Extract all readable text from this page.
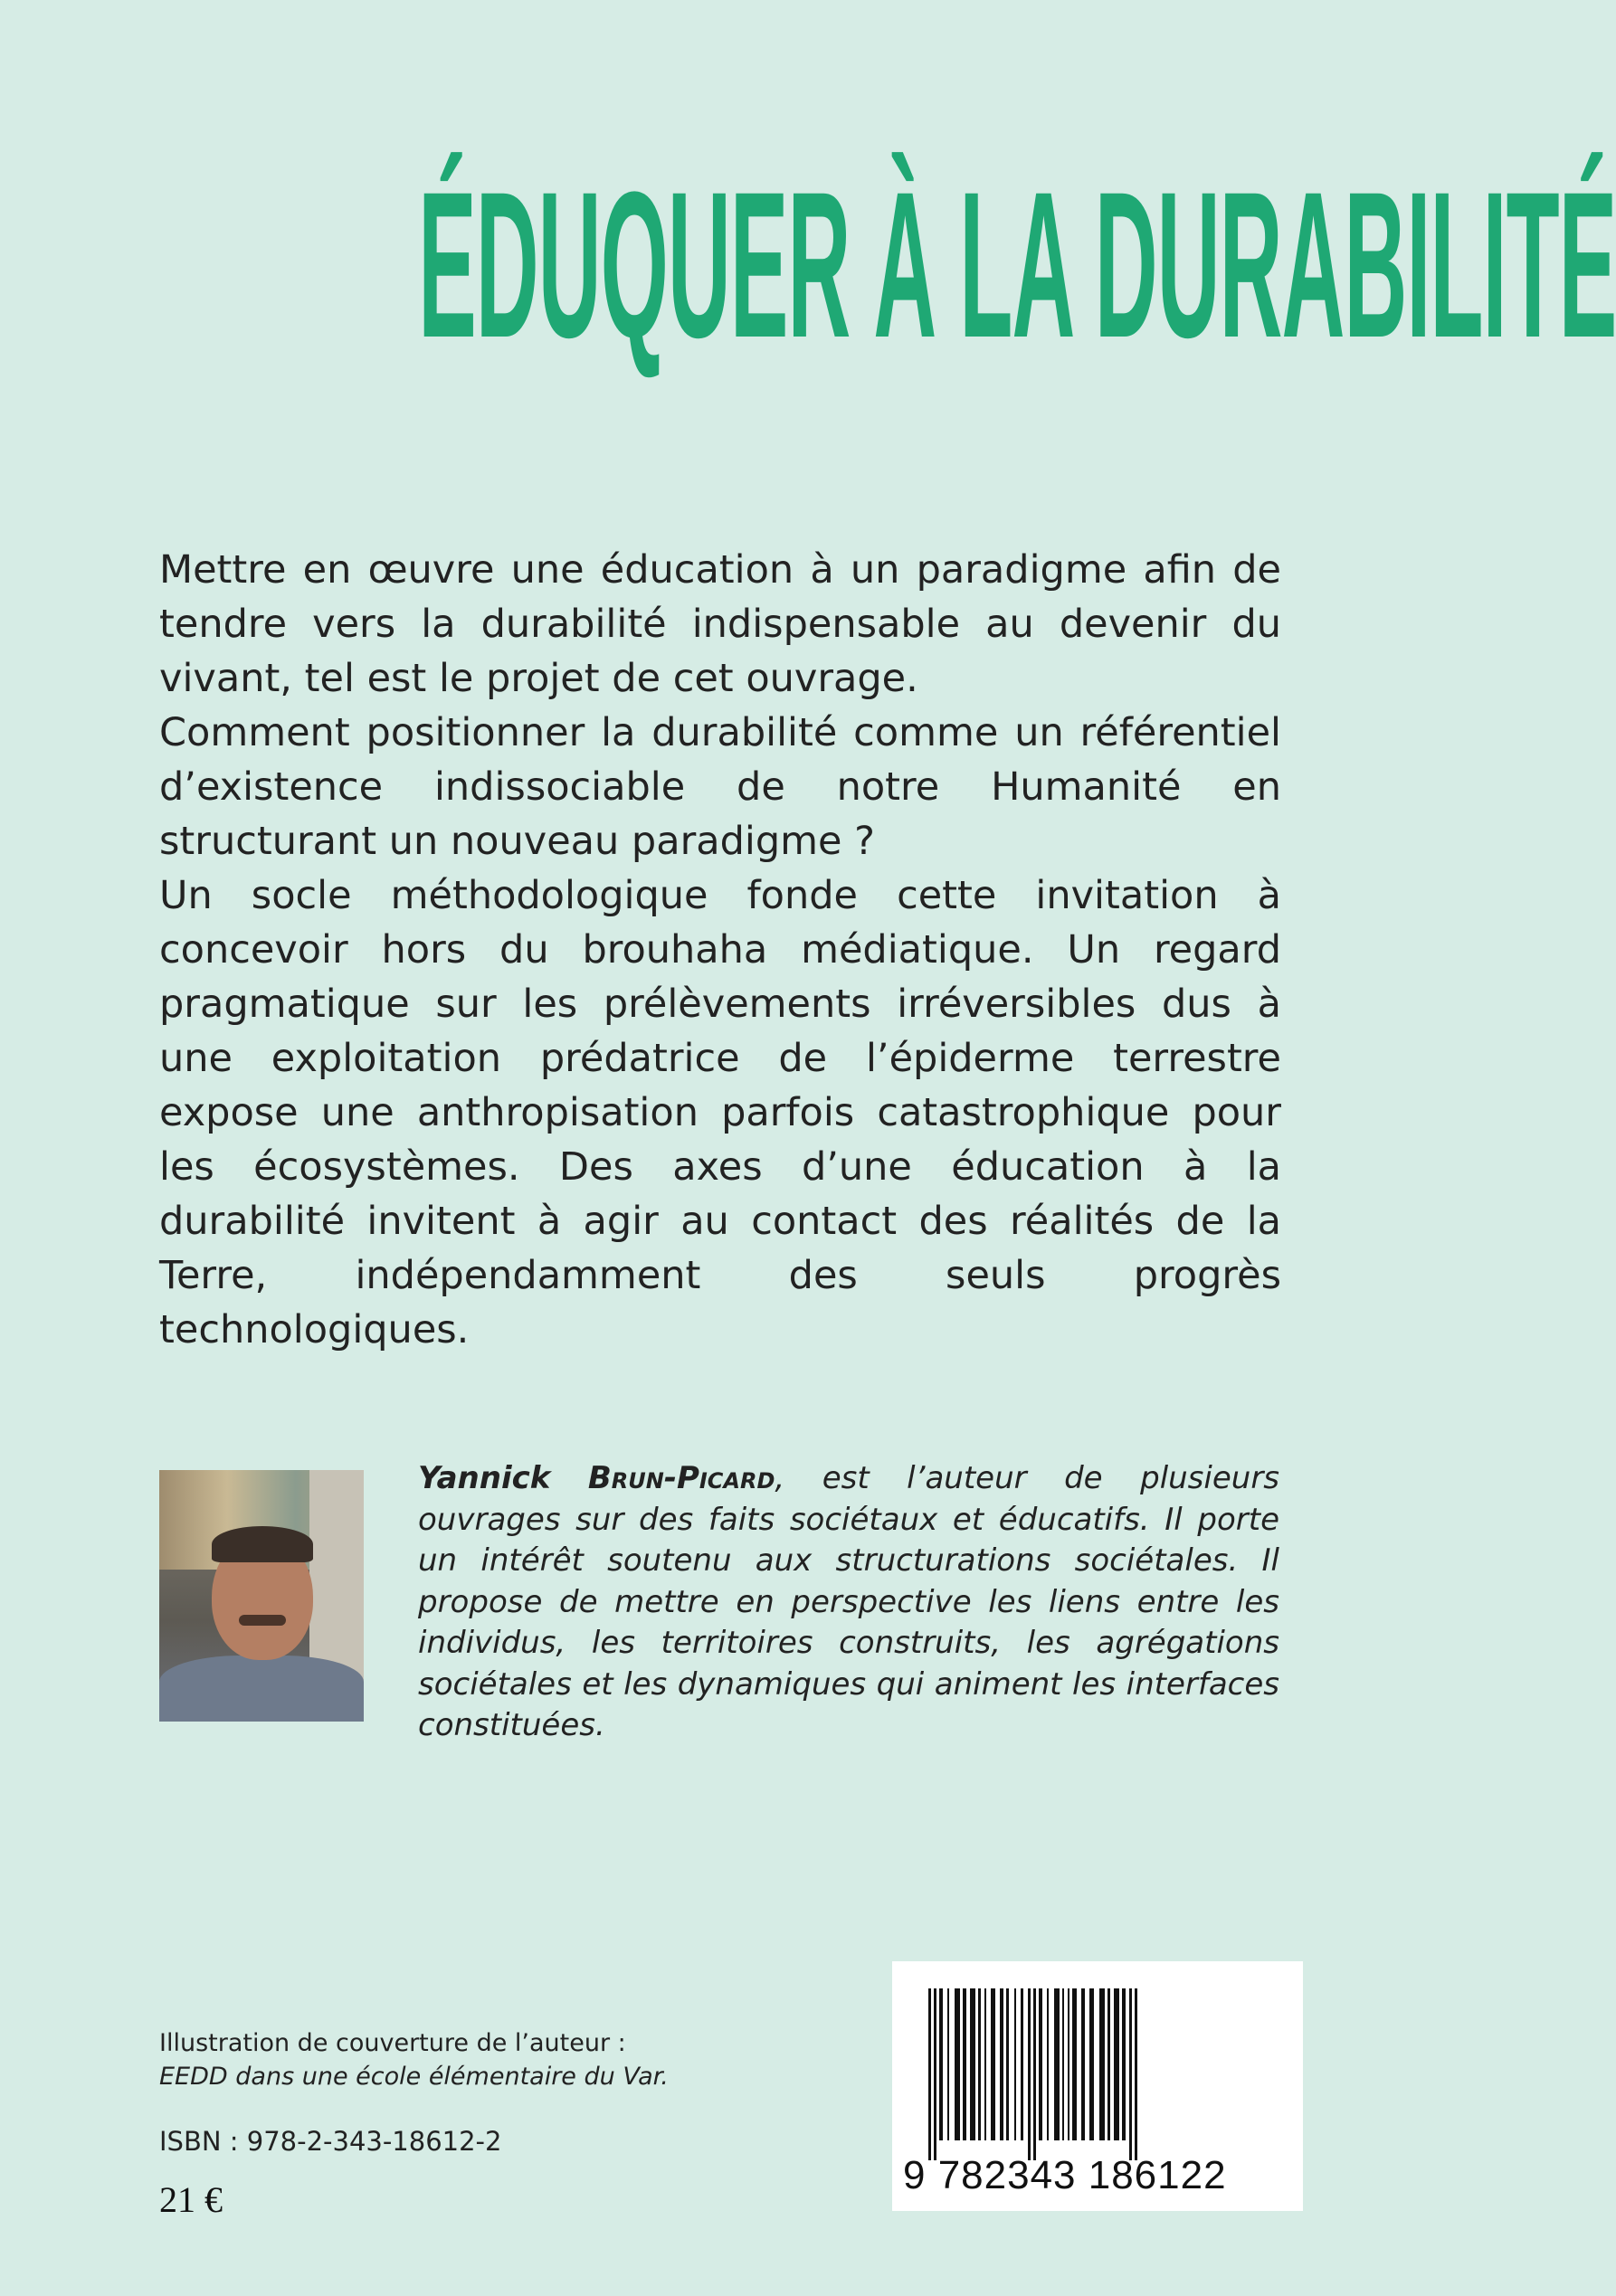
ÉDUQUER À LA DURABILITÉ

Mettre en œuvre une éducation à un paradigme afin de tendre vers la durabilité indispensable au devenir du vivant, tel est le projet de cet ouvrage.

Comment positionner la durabilité comme un référentiel d’existence indissociable de notre Humanité en structurant un nouveau paradigme ?

Un socle méthodologique fonde cette invitation à concevoir hors du brouhaha médiatique. Un regard pragmatique sur les prélèvements irréversibles dus à une exploitation prédatrice de l’épiderme terrestre expose une anthropisation parfois catastrophique pour les écosystèmes. Des axes d’une éducation à la durabilité invitent à agir au contact des réalités de la Terre, indépendamment des seuls progrès technologiques.

Yannick Brun-Picard, est l’auteur de plusieurs ouvrages sur des faits sociétaux et éducatifs. Il porte un intérêt soutenu aux structurations sociétales. Il propose de mettre en perspective les liens entre les individus, les territoires construits, les agrégations sociétales et les dynamiques qui animent les interfaces constituées.
Illustration de couverture de l’auteur :
EEDD dans une école élémentaire du Var.
ISBN : 978-2-343-18612-2
21 €
9 782343 186122
